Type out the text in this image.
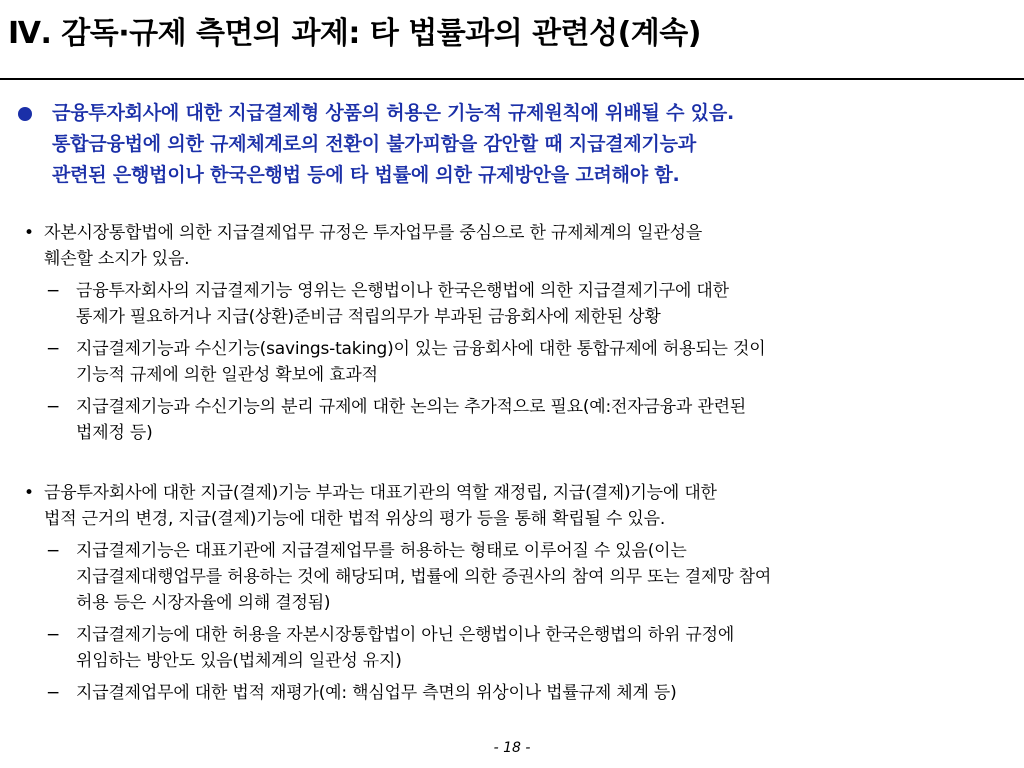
Ⅳ. 감독·규제 측면의 과제: 타 법률과의 관련성(계속)
금융투자회사에 대한 지급결제형 상품의 허용은 기능적 규제원칙에 위배될 수 있음.
통합금융법에 의한 규제체계로의 전환이 불가피함을 감안할 때 지급결제기능과
관련된 은행법이나 한국은행법 등에 타 법률에 의한 규제방안을 고려해야 함.
• 자본시장통합법에 의한 지급결제업무 규정은 투자업무를 중심으로 한 규제체계의 일관성을
훼손할 소지가 있음.
− 금융투자회사의 지급결제기능 영위는 은행법이나 한국은행법에 의한 지급결제기구에 대한
통제가 필요하거나 지급(상환)준비금 적립의무가 부과된 금융회사에 제한된 상황
− 지급결제기능과 수신기능(savings-taking)이 있는 금융회사에 대한 통합규제에 허용되는 것이
기능적 규제에 의한 일관성 확보에 효과적
− 지급결제기능과 수신기능의 분리 규제에 대한 논의는 추가적으로 필요(예:전자금융과 관련된
법제정 등)
• 금융투자회사에 대한 지급(결제)기능 부과는 대표기관의 역할 재정립, 지급(결제)기능에 대한
법적 근거의 변경, 지급(결제)기능에 대한 법적 위상의 평가 등을 통해 확립될 수 있음.
− 지급결제기능은 대표기관에 지급결제업무를 허용하는 형태로 이루어질 수 있음(이는
지급결제대행업무를 허용하는 것에 해당되며, 법률에 의한 증권사의 참여 의무 또는 결제망 참여
허용 등은 시장자율에 의해 결정됨)
− 지급결제기능에 대한 허용을 자본시장통합법이 아닌 은행법이나 한국은행법의 하위 규정에
위임하는 방안도 있음(법체계의 일관성 유지)
− 지급결제업무에 대한 법적 재평가(예: 핵심업무 측면의 위상이나 법률규제 체계 등)
- 18 -
